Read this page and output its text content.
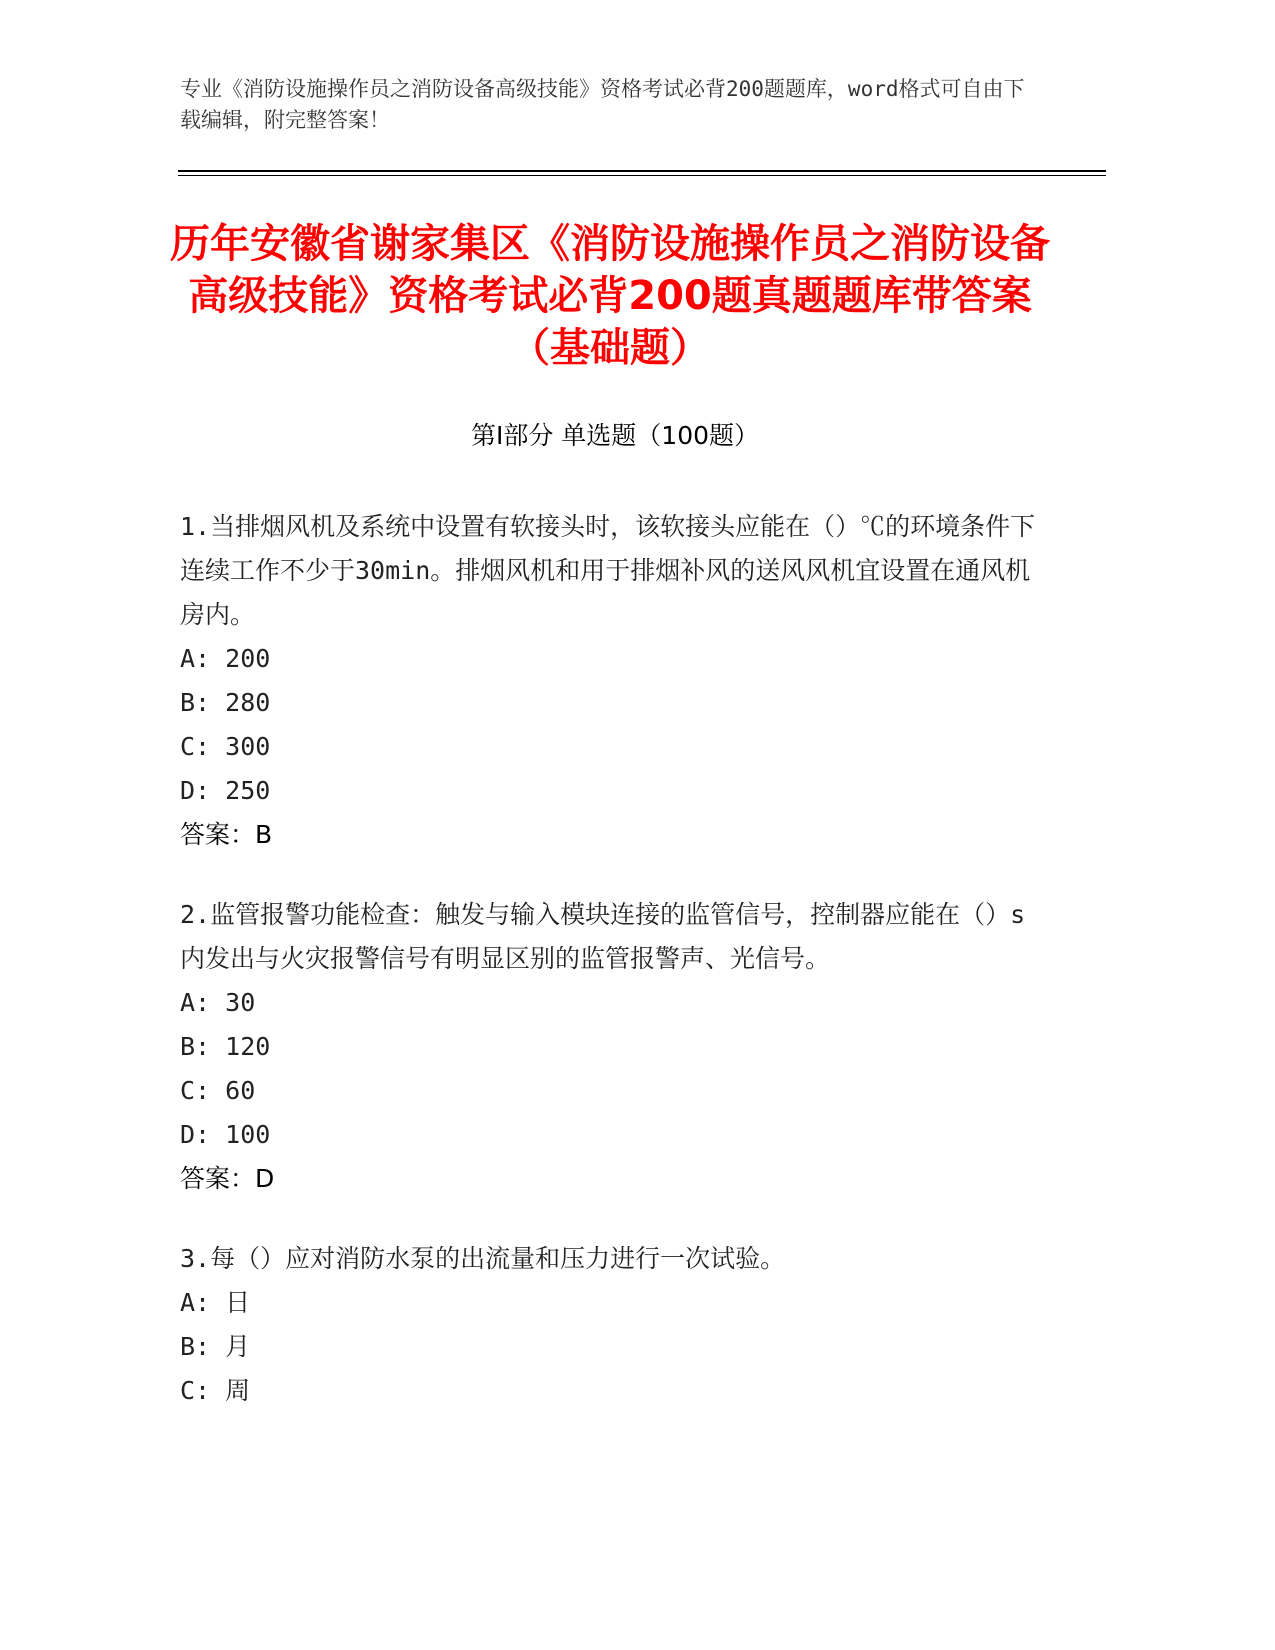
专业《消防设施操作员之消防设备高级技能》资格考试必背200题题库，word格式可自由下载编辑，附完整答案！
历年安徽省谢家集区《消防设施操作员之消防设备高级技能》资格考试必背200题真题题库带答案（基础题）
第Ⅰ部分 单选题（100题）

1.当排烟风机及系统中设置有软接头时，该软接头应能在（）℃的环境条件下连续工作不少于30min。排烟风机和用于排烟补风的送风风机宜设置在通风机房内。

A: 200
B: 280
C: 300
D: 250
答案：B

2.监管报警功能检查：触发与输入模块连接的监管信号，控制器应能在（）s内发出与火灾报警信号有明显区别的监管报警声、光信号。

A: 30
B: 120
C: 60
D: 100
答案：D

3.每（）应对消防水泵的出流量和压力进行一次试验。

A: 日
B: 月
C: 周
